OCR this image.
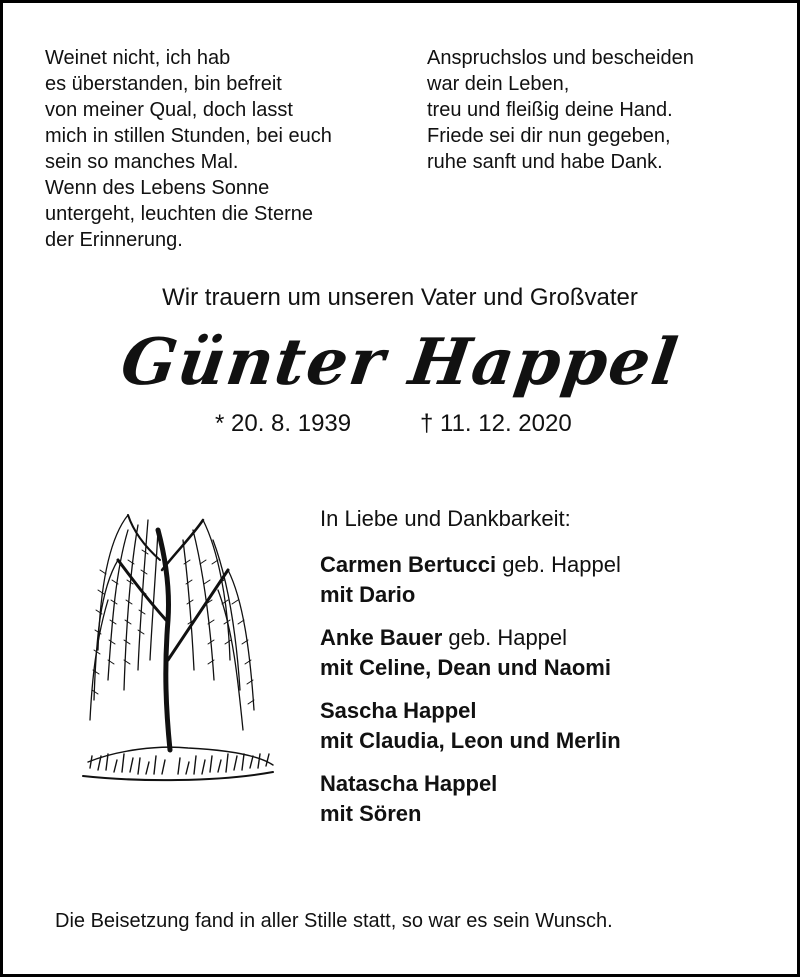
Weinet nicht, ich hab
es überstanden, bin befreit
von meiner Qual, doch lasst
mich in stillen Stunden, bei euch
sein so manches Mal.
Wenn des Lebens Sonne
untergeht, leuchten die Sterne
der Erinnerung.
Anspruchslos und bescheiden
war dein Leben,
treu und fleißig deine Hand.
Friede sei dir nun gegeben,
ruhe sanft und habe Dank.
Wir trauern um unseren Vater und Großvater
Günter Happel
* 20. 8. 1939	† 11. 12. 2020
In Liebe und Dankbarkeit:
Carmen Bertucci geb. Happel
mit Dario
Anke Bauer geb. Happel
mit Celine, Dean und Naomi
Sascha Happel
mit Claudia, Leon und Merlin
Natascha Happel
mit Sören
Die Beisetzung fand in aller Stille statt, so war es sein Wunsch.
